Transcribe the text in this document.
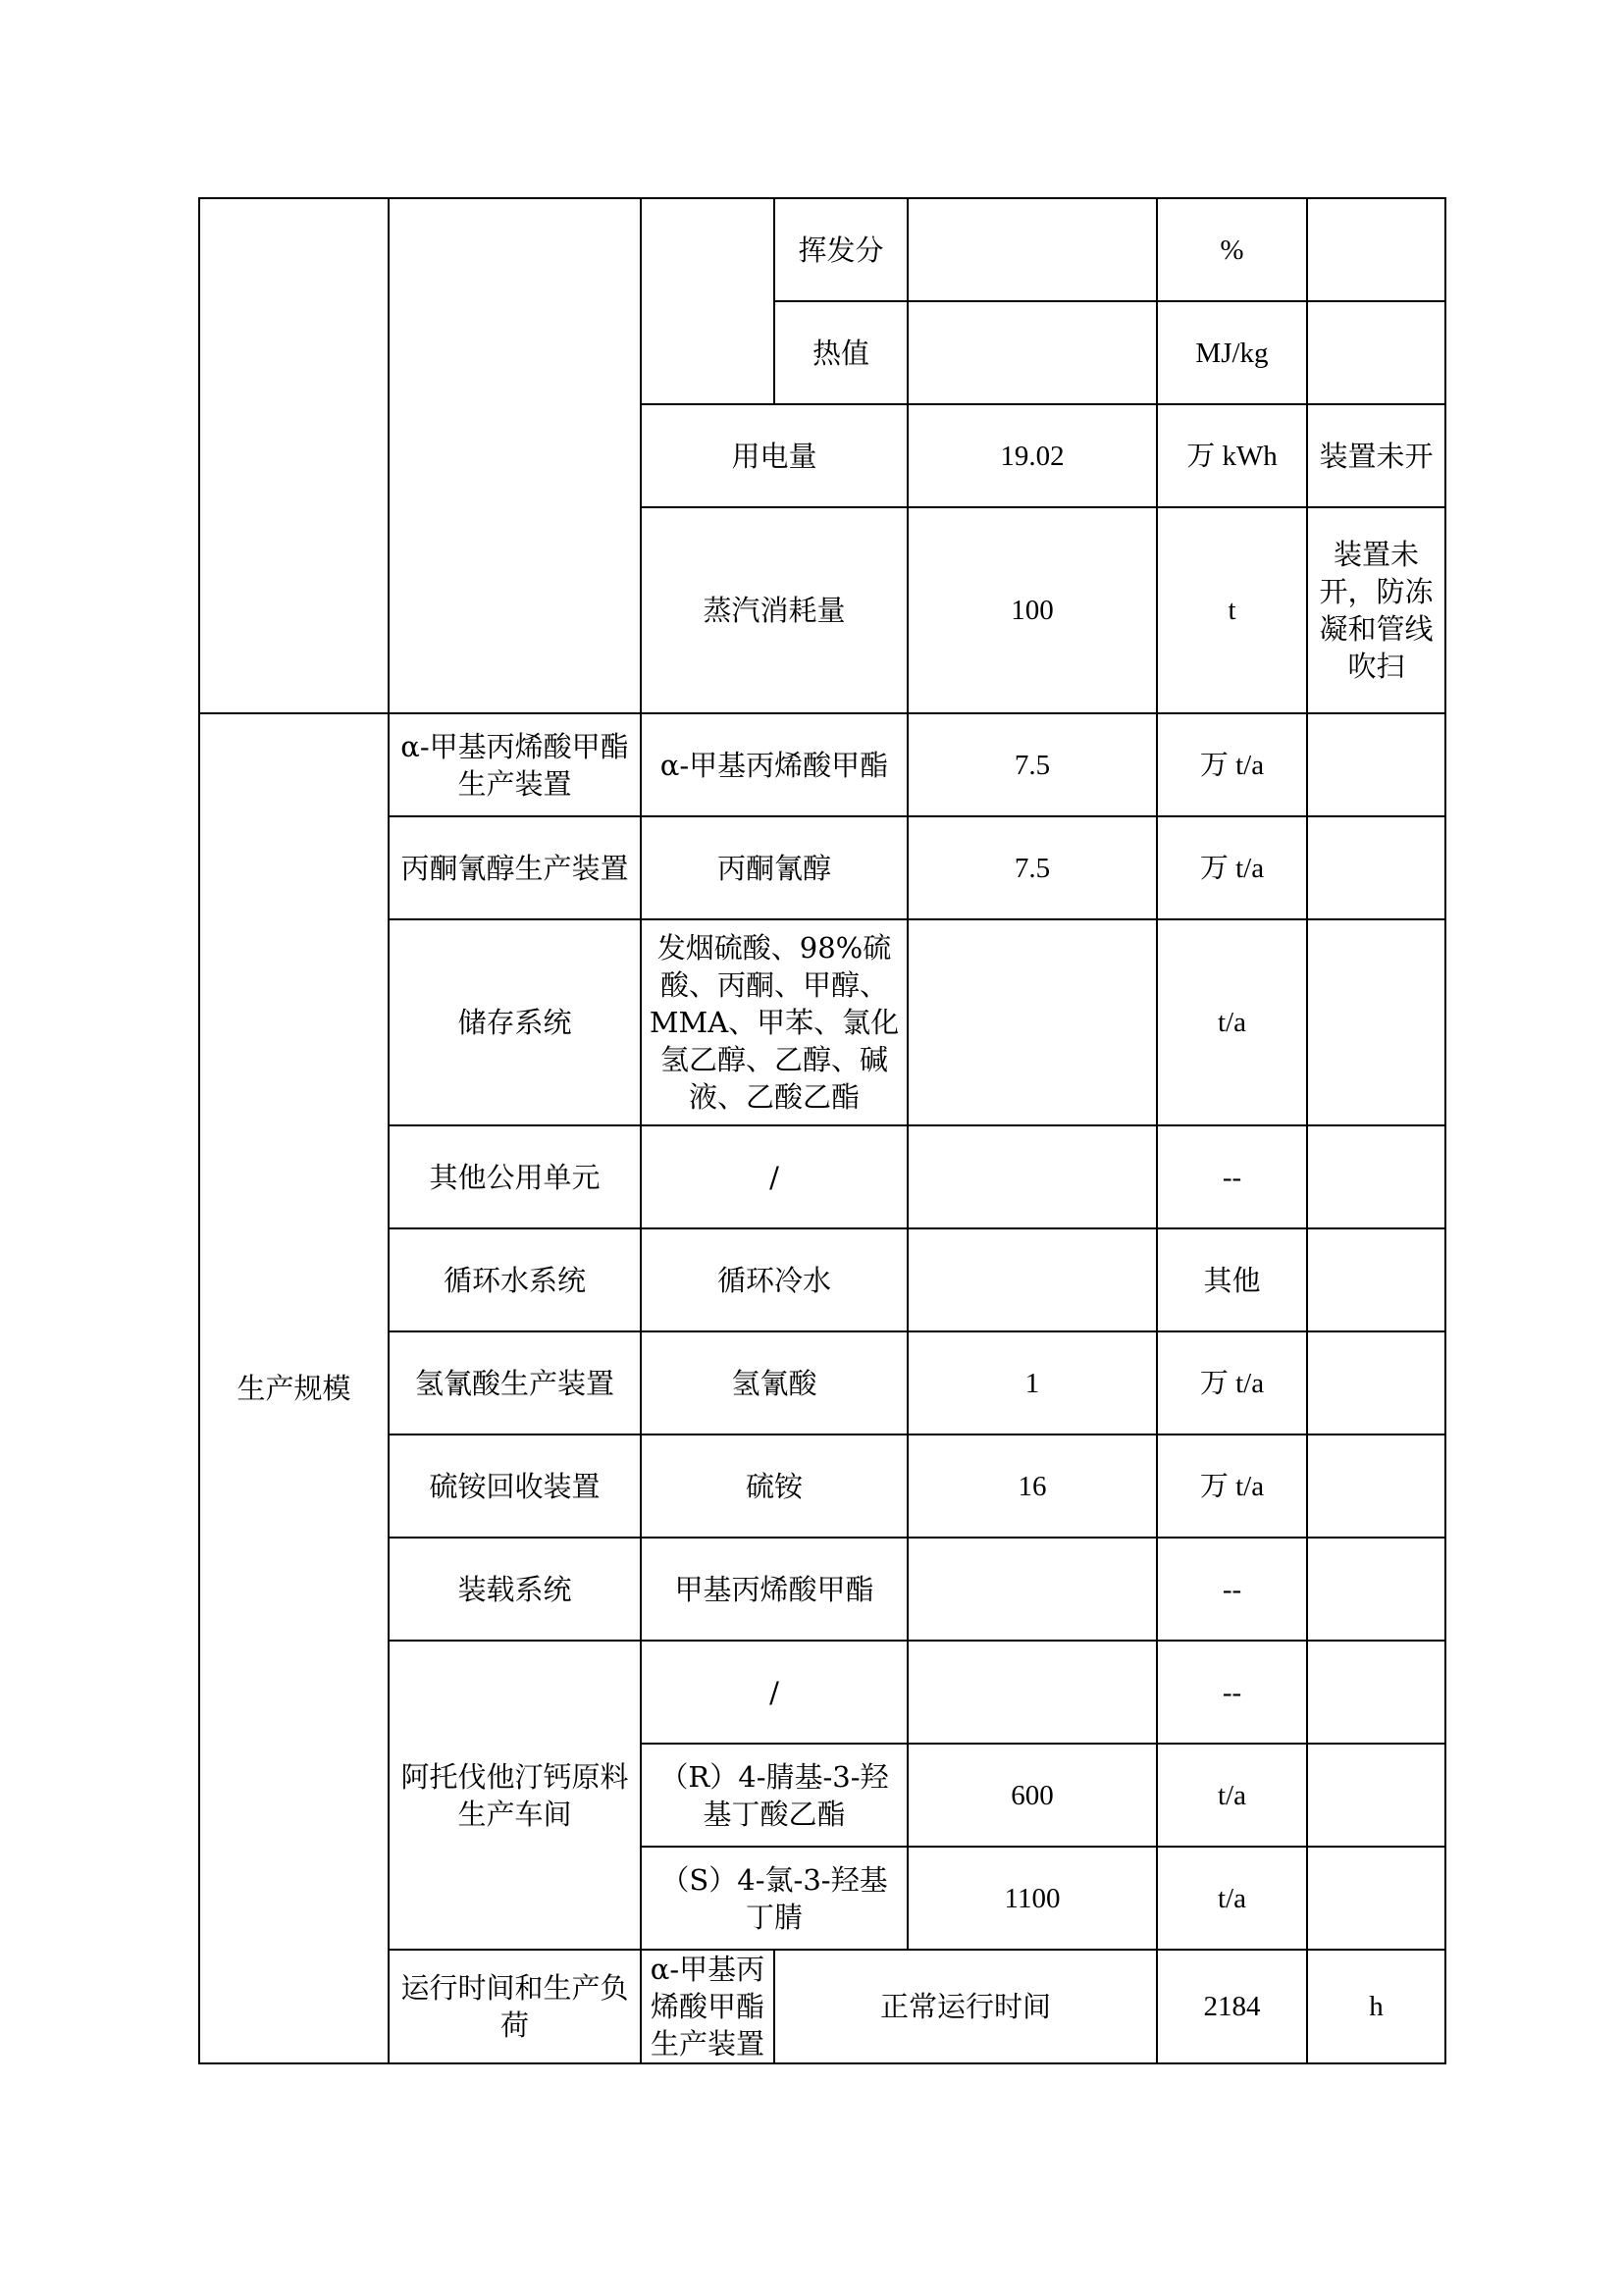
			挥发分		%		
			热值		MJ/kg		
		用电量		19.02	万 kWh	装置未开	
		蒸汽消耗量		100	t	装置未开，防冻凝和管线吹扫	
生产规模	α-甲基丙烯酸甲酯生产装置	α-甲基丙烯酸甲酯		7.5	万 t/a		
	丙酮氰醇生产装置	丙酮氰醇		7.5	万 t/a		
	储存系统	发烟硫酸、98%硫酸、丙酮、甲醇、MMA、甲苯、氯化氢乙醇、乙醇、碱液、乙酸乙酯			t/a		
	其他公用单元	/			--		
	循环水系统	循环冷水			其他		
	氢氰酸生产装置	氢氰酸		1	万 t/a		
	硫铵回收装置	硫铵		16	万 t/a		
	装载系统	甲基丙烯酸甲酯			--		
	阿托伐他汀钙原料生产车间	/			--		
		（R）4-腈基-3-羟基丁酸乙酯		600	t/a		
		（S）4-氯-3-羟基丁腈		1100	t/a		
	运行时间和生产负荷	α-甲基丙烯酸甲酯生产装置	正常运行时间		2184	h	
